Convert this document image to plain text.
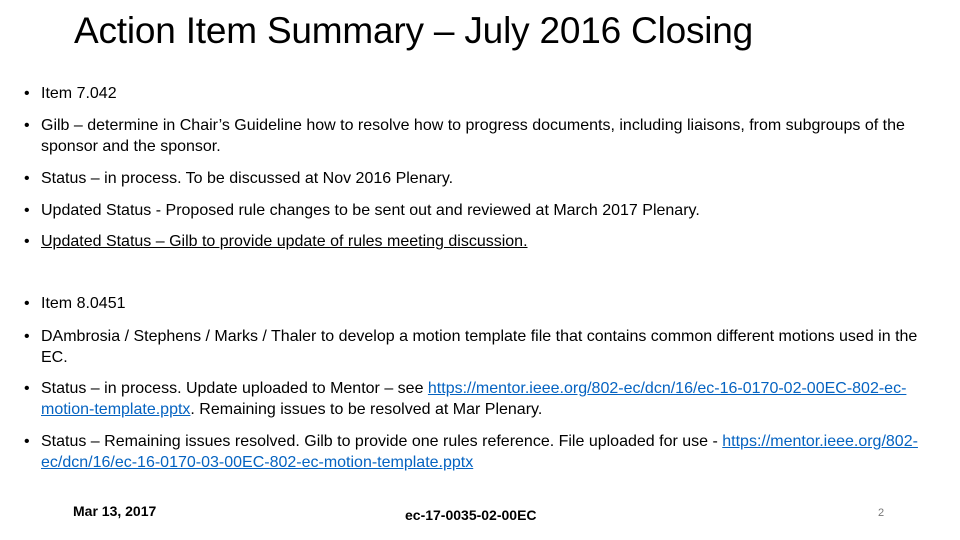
Action Item Summary – July 2016 Closing
• Item 7.042
• Gilb – determine in Chair’s Guideline how to resolve how to progress documents, including liaisons, from subgroups of the sponsor and the sponsor.
• Status – in process. To be discussed at Nov 2016 Plenary.
• Updated Status - Proposed rule changes to be sent out and reviewed at March 2017 Plenary.
• Updated Status – Gilb to provide update of rules meeting discussion.
• Item 8.0451
• DAmbrosia / Stephens / Marks / Thaler to develop a motion template file that contains common different motions used in the EC.
• Status – in process. Update uploaded to Mentor – see https://mentor.ieee.org/802-ec/dcn/16/ec-16-0170-02-00EC-802-ec-motion-template.pptx. Remaining issues to be resolved at Mar Plenary.
• Status – Remaining issues resolved. Gilb to provide one rules reference. File uploaded for use - https://mentor.ieee.org/802-ec/dcn/16/ec-16-0170-03-00EC-802-ec-motion-template.pptx
Mar 13, 2017	ec-17-0035-02-00EC	2
